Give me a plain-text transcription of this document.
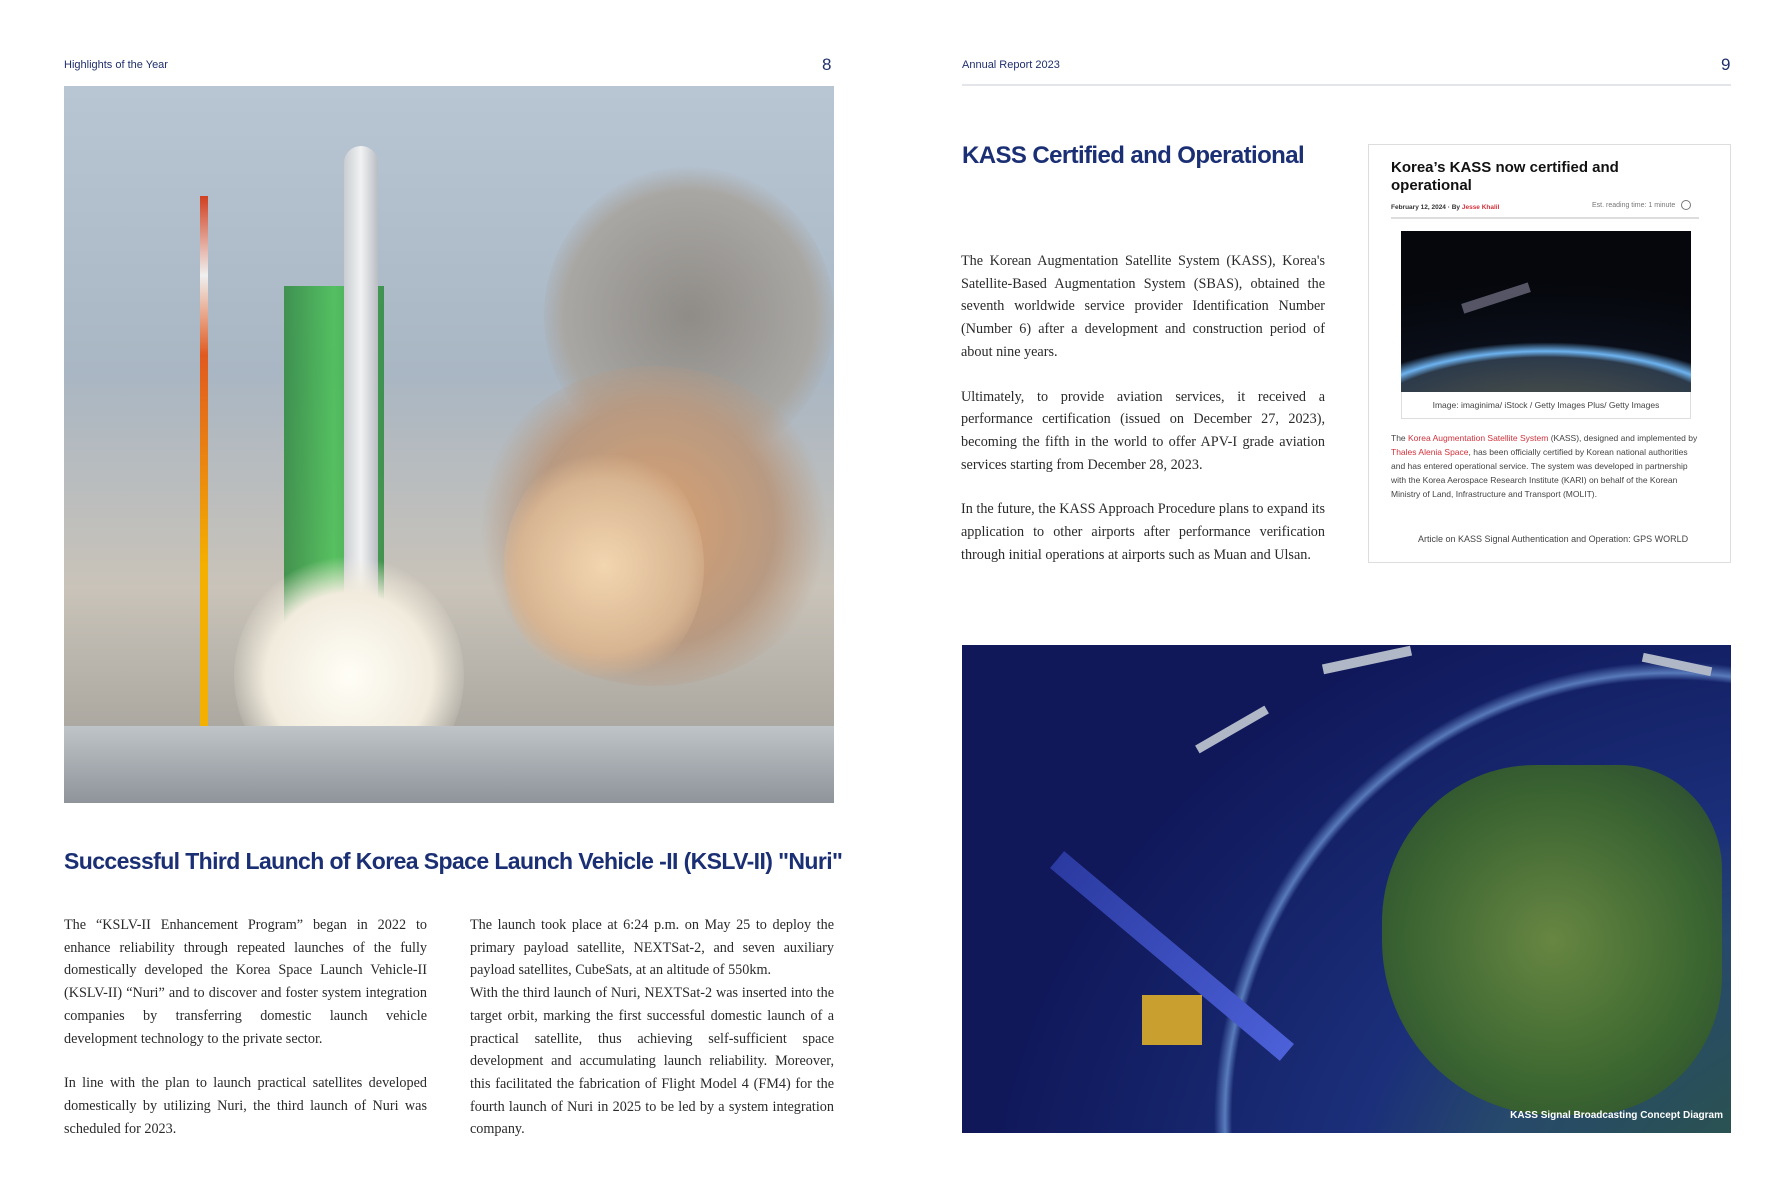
Highlights of the Year	8
Successful Third Launch of Korea Space Launch Vehicle -II (KSLV-II) "Nuri"

The “KSLV-II Enhancement Program” began in 2022 to enhance reliability through repeated launches of the fully domestically developed the Korea Space Launch Vehicle-II (KSLV-II) “Nuri” and to discover and foster system integration companies by transferring domestic launch vehicle development technology to the private sector.

In line with the plan to launch practical satellites developed domestically by utilizing Nuri, the third launch of Nuri was scheduled for 2023.

The launch took place at 6:24 p.m. on May 25 to deploy the primary payload satellite, NEXTSat-2, and seven auxiliary payload satellites, CubeSats, at an altitude of 550km.

With the third launch of Nuri, NEXTSat-2 was inserted into the target orbit, marking the first successful domestic launch of a practical satellite, thus achieving self-sufficient space development and accumulating launch reliability. Moreover, this facilitated the fabrication of Flight Model 4 (FM4) for the fourth launch of Nuri in 2025 to be led by a system integration company.

Annual Report 2023	9
KASS Certified and Operational

The Korean Augmentation Satellite System (KASS), Korea's Satellite-Based Augmentation System (SBAS), obtained the seventh worldwide service provider Identification Number (Number 6) after a development and construction period of about nine years.

Ultimately, to provide aviation services, it received a performance certification (issued on December 27, 2023), becoming the fifth in the world to offer APV-I grade aviation services starting from December 28, 2023.

In the future, the KASS Approach Procedure plans to expand its application to other airports after performance verification through initial operations at airports such as Muan and Ulsan.

Korea’s KASS now certified and operational
February 12, 2024 · By Jesse Khalil	Est. reading time: 1 minute
Image: imaginima/ iStock / Getty Images Plus/ Getty Images
The Korea Augmentation Satellite System (KASS), designed and implemented by Thales Alenia Space, has been officially certified by Korean national authorities and has entered operational service. The system was developed in partnership with the Korea Aerospace Research Institute (KARI) on behalf of the Korean Ministry of Land, Infrastructure and Transport (MOLIT).
Article on KASS Signal Authentication and Operation: GPS WORLD
KASS Signal Broadcasting Concept Diagram
